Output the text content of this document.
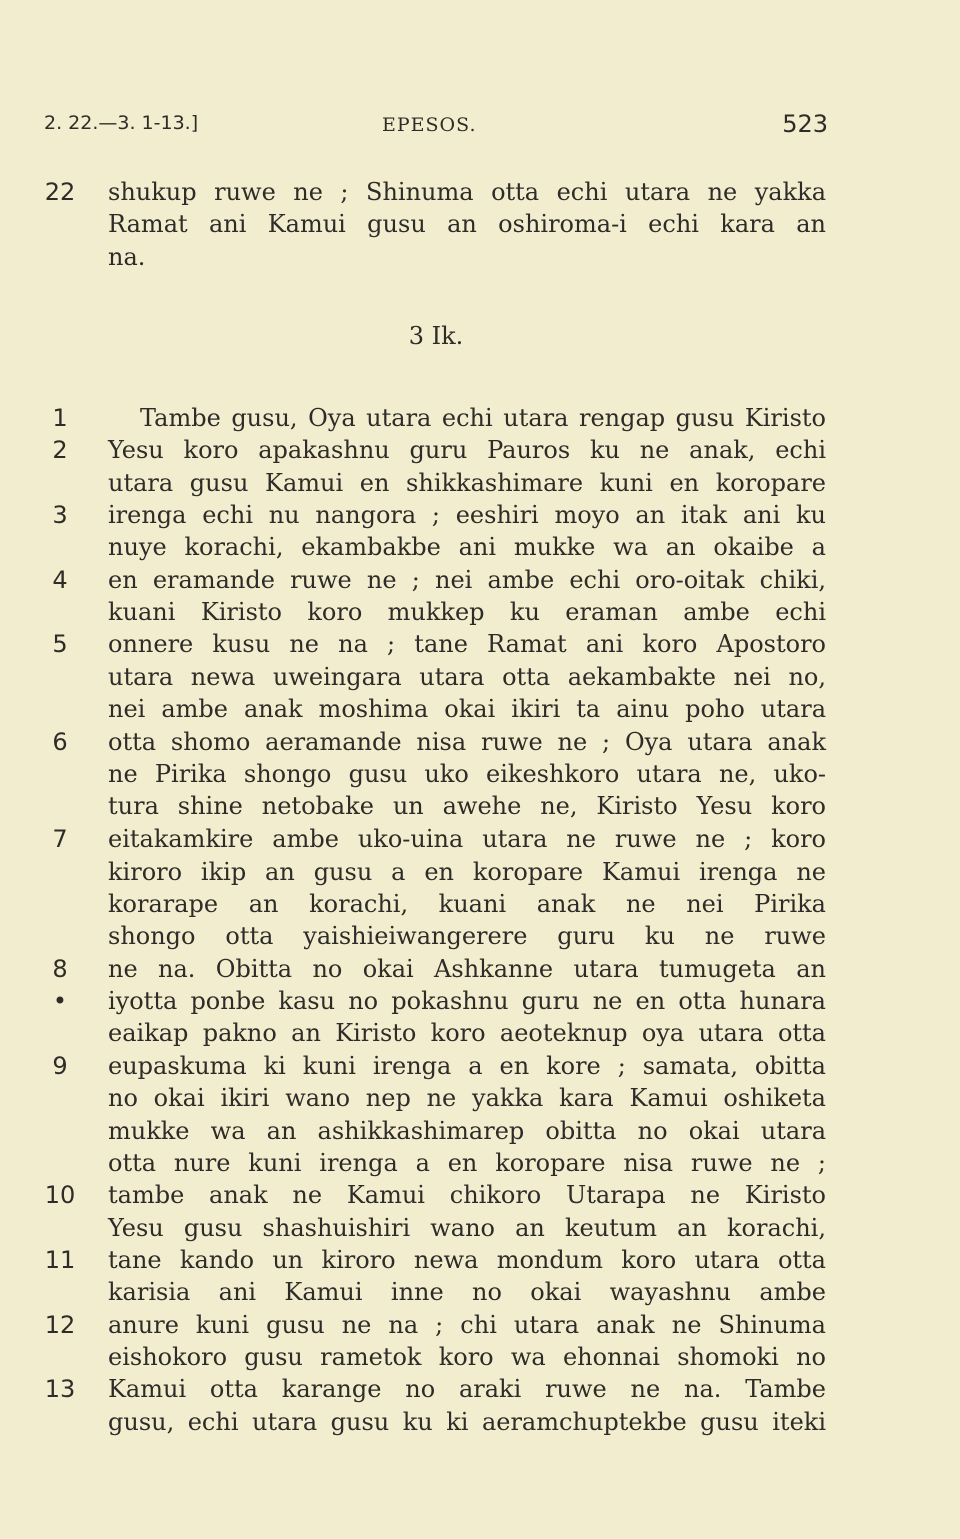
2. 22.—3. 1-13.]	EPESOS.	523
22 shukup ruwe ne ; Shinuma otta echi utara ne yakka
Ramat ani Kamui gusu an oshiroma-i echi kara an
na.
3 Ik.
1	Tambe gusu, Oya utara echi utara rengap gusu Kiristo
2	Yesu koro apakashnu guru Pauros ku ne anak, echi
utara gusu Kamui en shikkashimare kuni en koropare
3	irenga echi nu nangora ; eeshiri moyo an itak ani ku
nuye korachi, ekambakbe ani mukke wa an okaibe a
4	en eramande ruwe ne ; nei ambe echi oro-oitak chiki,
kuani Kiristo koro mukkep ku eraman ambe echi
5	onnere kusu ne na ; tane Ramat ani koro Apostoro
utara newa uweingara utara otta aekambakte nei no,
nei ambe anak moshima okai ikiri ta ainu poho utara
6	otta shomo aeramande nisa ruwe ne ; Oya utara anak
ne Pirika shongo gusu uko eikeshkoro utara ne, uko-
tura shine netobake un awehe ne, Kiristo Yesu koro
7	eitakamkire ambe uko-uina utara ne ruwe ne ; koro
kiroro ikip an gusu a en koropare Kamui irenga ne
korarape an korachi, kuani anak ne nei Pirika
shongo otta yaishieiwangerere guru ku ne ruwe
8	ne na. Obitta no okai Ashkanne utara tumugeta an
•	iyotta ponbe kasu no pokashnu guru ne en otta hunara
eaikap pakno an Kiristo koro aeoteknup oya utara otta
9	eupaskuma ki kuni irenga a en kore ; samata, obitta
no okai ikiri wano nep ne yakka kara Kamui oshiketa
mukke wa an ashikkashimarep obitta no okai utara
otta nure kuni irenga a en koropare nisa ruwe ne ;
10 tambe anak ne Kamui chikoro Utarapa ne Kiristo
Yesu gusu shashuishiri wano an keutum an korachi,
11 tane kando un kiroro newa mondum koro utara otta
karisia ani Kamui inne no okai wayashnu ambe
12 anure kuni gusu ne na ; chi utara anak ne Shinuma
eishokoro gusu rametok koro wa ehonnai shomoki no
13 Kamui otta karange no araki ruwe ne na. Tambe
gusu, echi utara gusu ku ki aeramchuptekbe gusu iteki
